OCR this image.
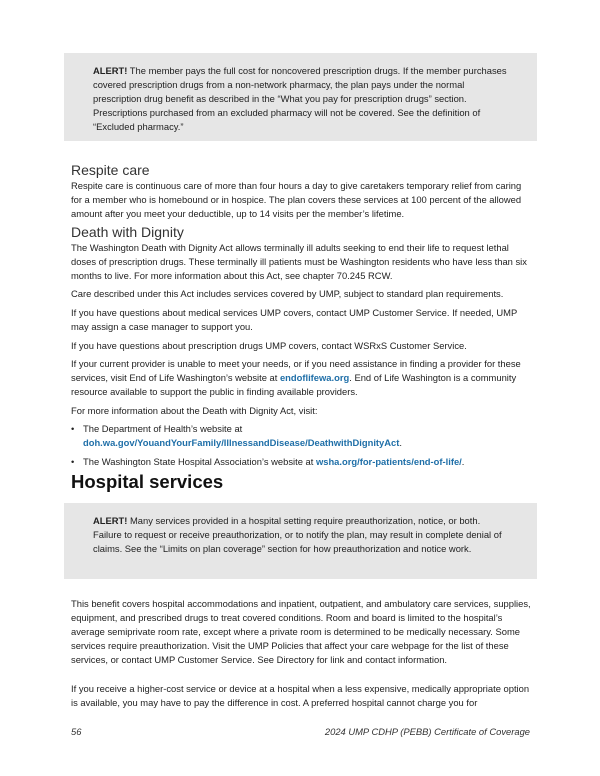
ALERT! The member pays the full cost for noncovered prescription drugs. If the member purchases covered prescription drugs from a non-network pharmacy, the plan pays under the normal prescription drug benefit as described in the “What you pay for prescription drugs” section. Prescriptions purchased from an excluded pharmacy will not be covered. See the definition of “Excluded pharmacy.”
Respite care

Respite care is continuous care of more than four hours a day to give caretakers temporary relief from caring for a member who is homebound or in hospice. The plan covers these services at 100 percent of the allowed amount after you meet your deductible, up to 14 visits per the member’s lifetime.

Death with Dignity

The Washington Death with Dignity Act allows terminally ill adults seeking to end their life to request lethal doses of prescription drugs. These terminally ill patients must be Washington residents who have less than six months to live. For more information about this Act, see chapter 70.245 RCW.

Care described under this Act includes services covered by UMP, subject to standard plan requirements.

If you have questions about medical services UMP covers, contact UMP Customer Service. If needed, UMP may assign a case manager to support you.

If you have questions about prescription drugs UMP covers, contact WSRxS Customer Service.

If your current provider is unable to meet your needs, or if you need assistance in finding a provider for these services, visit End of Life Washington’s website at endoflifewa.org. End of Life Washington is a community resource available to support the public in finding available providers.

For more information about the Death with Dignity Act, visit:

• The Department of Health’s website at
doh.wa.gov/YouandYourFamily/IllnessandDisease/DeathwithDignityAct.
• The Washington State Hospital Association’s website at wsha.org/for-patients/end-of-life/.
Hospital services
ALERT! Many services provided in a hospital setting require preauthorization, notice, or both. Failure to request or receive preauthorization, or to notify the plan, may result in complete denial of claims. See the “Limits on plan coverage” section for how preauthorization and notice work.

This benefit covers hospital accommodations and inpatient, outpatient, and ambulatory care services, supplies, equipment, and prescribed drugs to treat covered conditions. Room and board is limited to the hospital’s average semiprivate room rate, except where a private room is determined to be medically necessary. Some services require preauthorization. Visit the UMP Policies that affect your care webpage for the list of these services, or contact UMP Customer Service. See Directory for link and contact information.

If you receive a higher-cost service or device at a hospital when a less expensive, medically appropriate option is available, you may have to pay the difference in cost. A preferred hospital cannot charge you for

56	2024 UMP CDHP (PEBB) Certificate of Coverage
